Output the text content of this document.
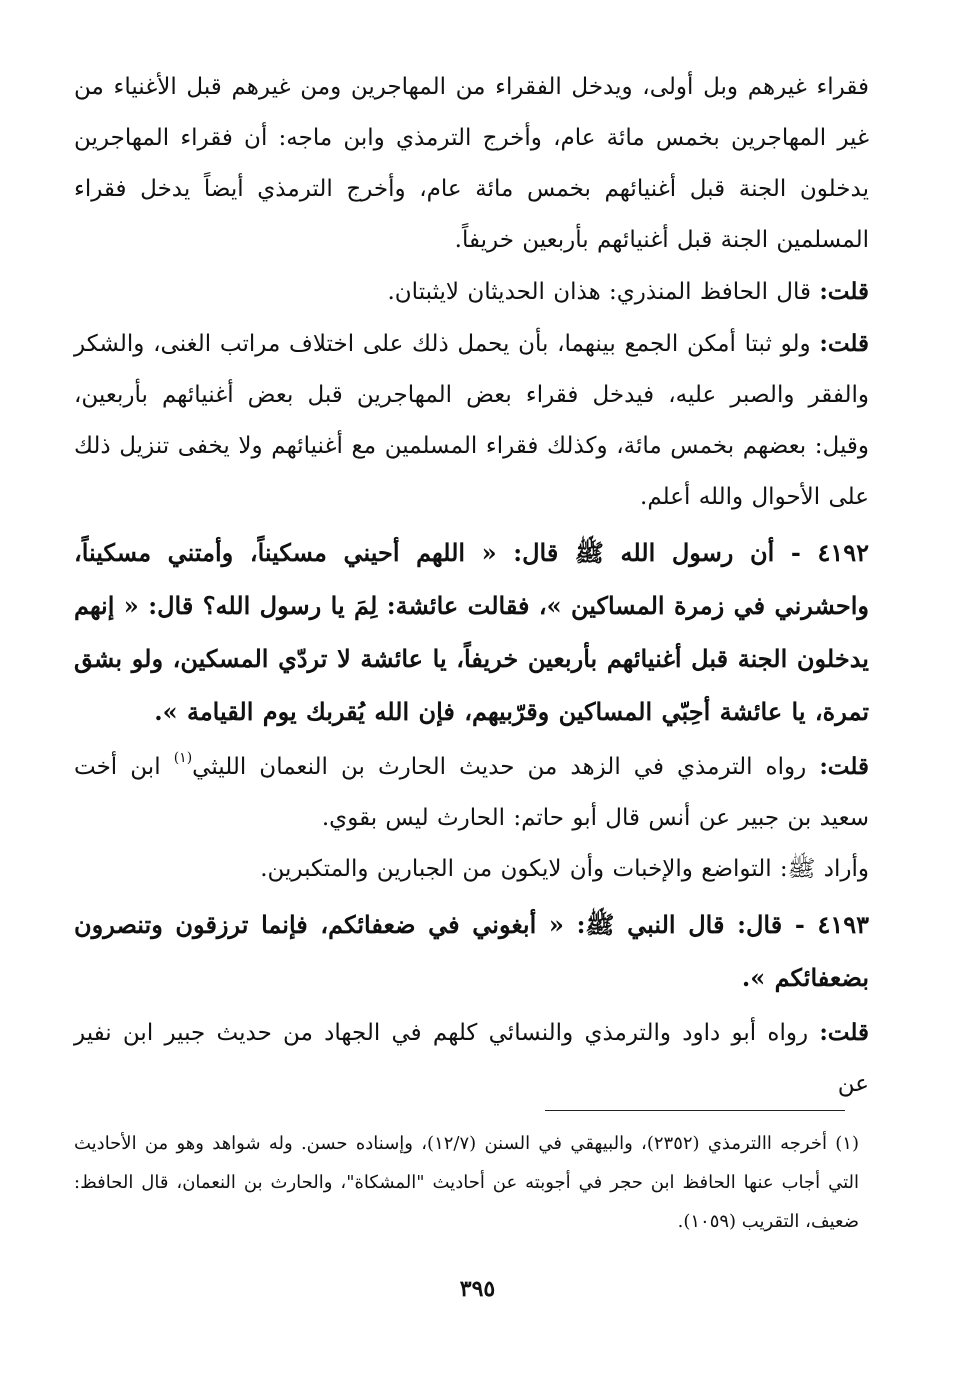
فقراء غيرهم وبل أولى، ويدخل الفقراء من المهاجرين ومن غيرهم قبل الأغنياء من غير المهاجرين بخمس مائة عام، وأخرج الترمذي وابن ماجه: أن فقراء المهاجرين يدخلون الجنة قبل أغنيائهم بخمس مائة عام، وأخرج الترمذي أيضاً يدخل فقراء المسلمين الجنة قبل أغنيائهم بأربعين خريفاً.

قلت: قال الحافظ المنذري: هذان الحديثان لايثبتان.

قلت: ولو ثبتا أمكن الجمع بينهما، بأن يحمل ذلك على اختلاف مراتب الغنى، والشكر والفقر والصبر عليه، فيدخل فقراء بعض المهاجرين قبل بعض أغنيائهم بأربعين، وقيل: بعضهم بخمس مائة، وكذلك فقراء المسلمين مع أغنيائهم ولا يخفى تنزيل ذلك على الأحوال والله أعلم.

٤١٩٢ - أن رسول الله ﷺ قال: « اللهم أحيني مسكيناً، وأمتني مسكيناً، واحشرني في زمرة المساكين »، فقالت عائشة: لِمَ يا رسول الله؟ قال: « إنهم يدخلون الجنة قبل أغنيائهم بأربعين خريفاً، يا عائشة لا تردّي المسكين، ولو بشق تمرة، يا عائشة أحِبّي المساكين وقرّبيهم، فإن الله يُقربك يوم القيامة ».

قلت: رواه الترمذي في الزهد من حديث الحارث بن النعمان الليثي$^{(١)}$ ابن أخت سعيد بن جبير عن أنس قال أبو حاتم: الحارث ليس بقوي.

وأراد ﷺ: التواضع والإخبات وأن لايكون من الجبارين والمتكبرين.

٤١٩٣ - قال: قال النبي ﷺ: « أبغوني في ضعفائكم، فإنما ترزقون وتنصرون بضعفائكم ».

قلت: رواه أبو داود والترمذي والنسائي كلهم في الجهاد من حديث جبير ابن نفير عن

(١) أخرجه االترمذي (٢٣٥٢)، والبيهقي في السنن (١٢/٧)، وإسناده حسن. وله شواهد وهو من الأحاديث التي أجاب عنها الحافظ ابن حجر في أجوبته عن أحاديث "المشكاة"، والحارث بن النعمان، قال الحافظ: ضعيف، التقريب (١٠٥٩).

٣٩٥
